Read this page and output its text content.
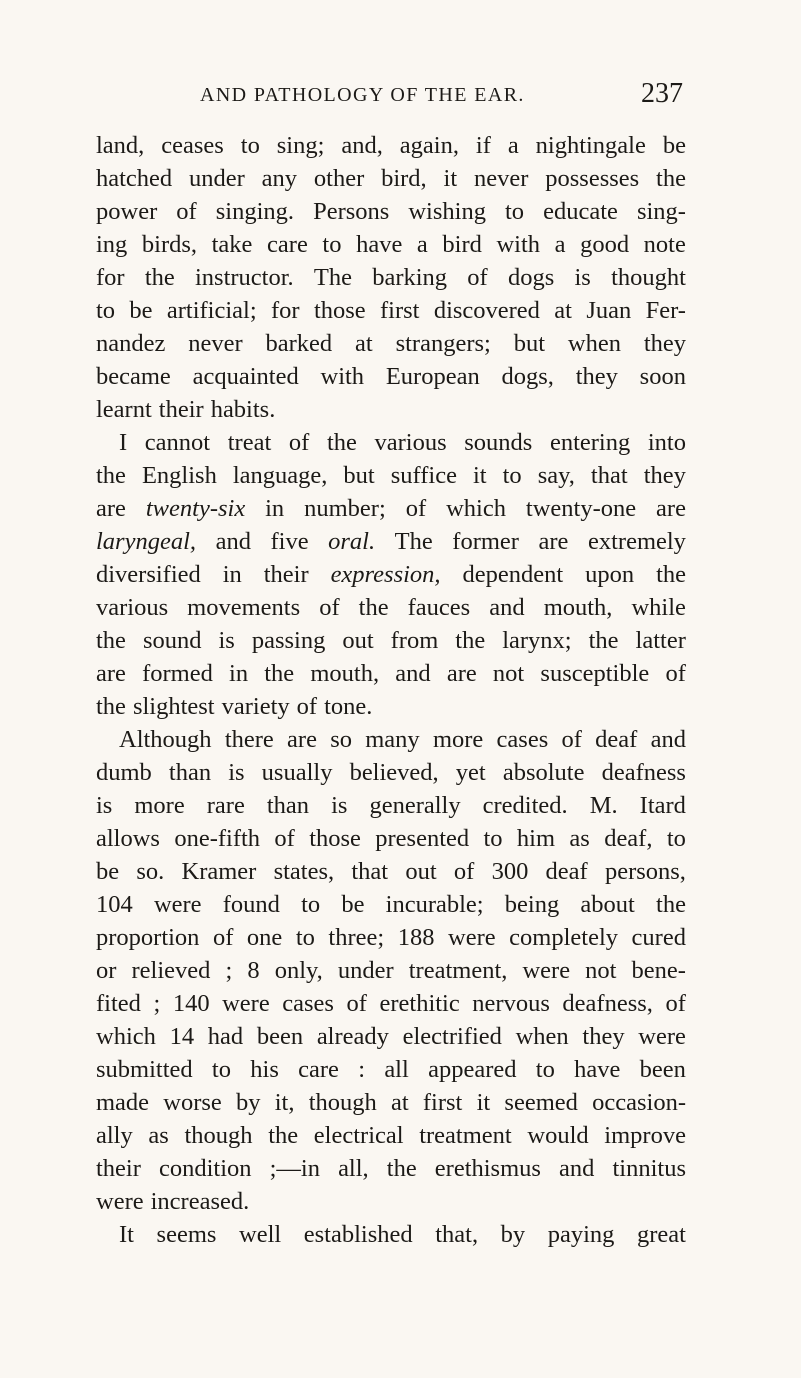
AND PATHOLOGY OF THE EAR.	237
land, ceases to sing; and, again, if a nightingale be
hatched under any other bird, it never possesses the
power of singing. Persons wishing to educate sing-
ing birds, take care to have a bird with a good note
for the instructor. The barking of dogs is thought
to be artificial; for those first discovered at Juan Fer-
nandez never barked at strangers; but when they
became acquainted with European dogs, they soon
learnt their habits.
I cannot treat of the various sounds entering into
the English language, but suffice it to say, that they
are twenty-six in number; of which twenty-one are
laryngeal, and five oral. The former are extremely
diversified in their expression, dependent upon the
various movements of the fauces and mouth, while
the sound is passing out from the larynx; the latter
are formed in the mouth, and are not susceptible of
the slightest variety of tone.
Although there are so many more cases of deaf and
dumb than is usually believed, yet absolute deafness
is more rare than is generally credited. M. Itard
allows one-fifth of those presented to him as deaf, to
be so. Kramer states, that out of 300 deaf persons,
104 were found to be incurable; being about the
proportion of one to three; 188 were completely cured
or relieved ; 8 only, under treatment, were not bene-
fited ; 140 were cases of erethitic nervous deafness, of
which 14 had been already electrified when they were
submitted to his care : all appeared to have been
made worse by it, though at first it seemed occasion-
ally as though the electrical treatment would improve
their condition ;—in all, the erethismus and tinnitus
were increased.
It seems well established that, by paying great
